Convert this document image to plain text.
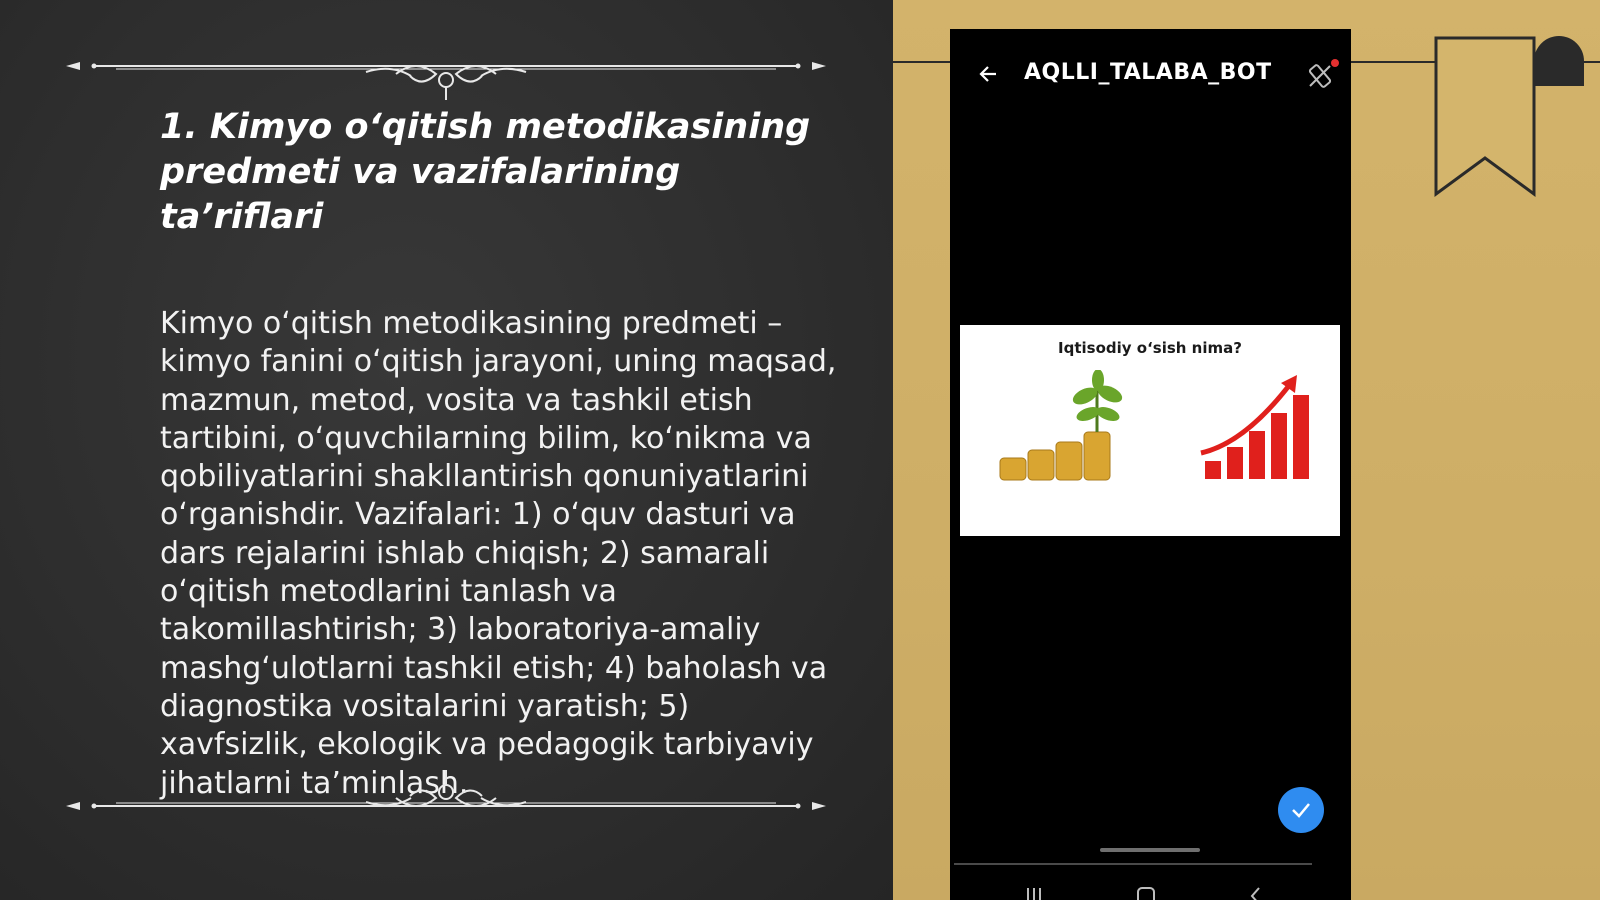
1. Kimyo o‘qitish metodikasining predmeti va vazifalarining ta’riflari

Kimyo o‘qitish metodikasining predmeti – kimyo fanini o‘qitish jarayoni, uning maqsad, mazmun, metod, vosita va tashkil etish tartibini, o‘quvchilarning bilim, ko‘nikma va qobiliyatlarini shakllantirish qonuniyatlarini o‘rganishdir. Vazifalari: 1) o‘quv dasturi va dars rejalarini ishlab chiqish; 2) samarali o‘qitish metodlarini tanlash va takomillashtirish; 3) laboratoriya-amaliy mashg‘ulotlarni tashkil etish; 4) baholash va diagnostika vositalarini yaratish; 5) xavfsizlik, ekologik va pedagogik tarbiyaviy jihatlarni ta’minlash.

AQLLI_TALABA_BOT
Iqtisodiy o‘sish nima?
